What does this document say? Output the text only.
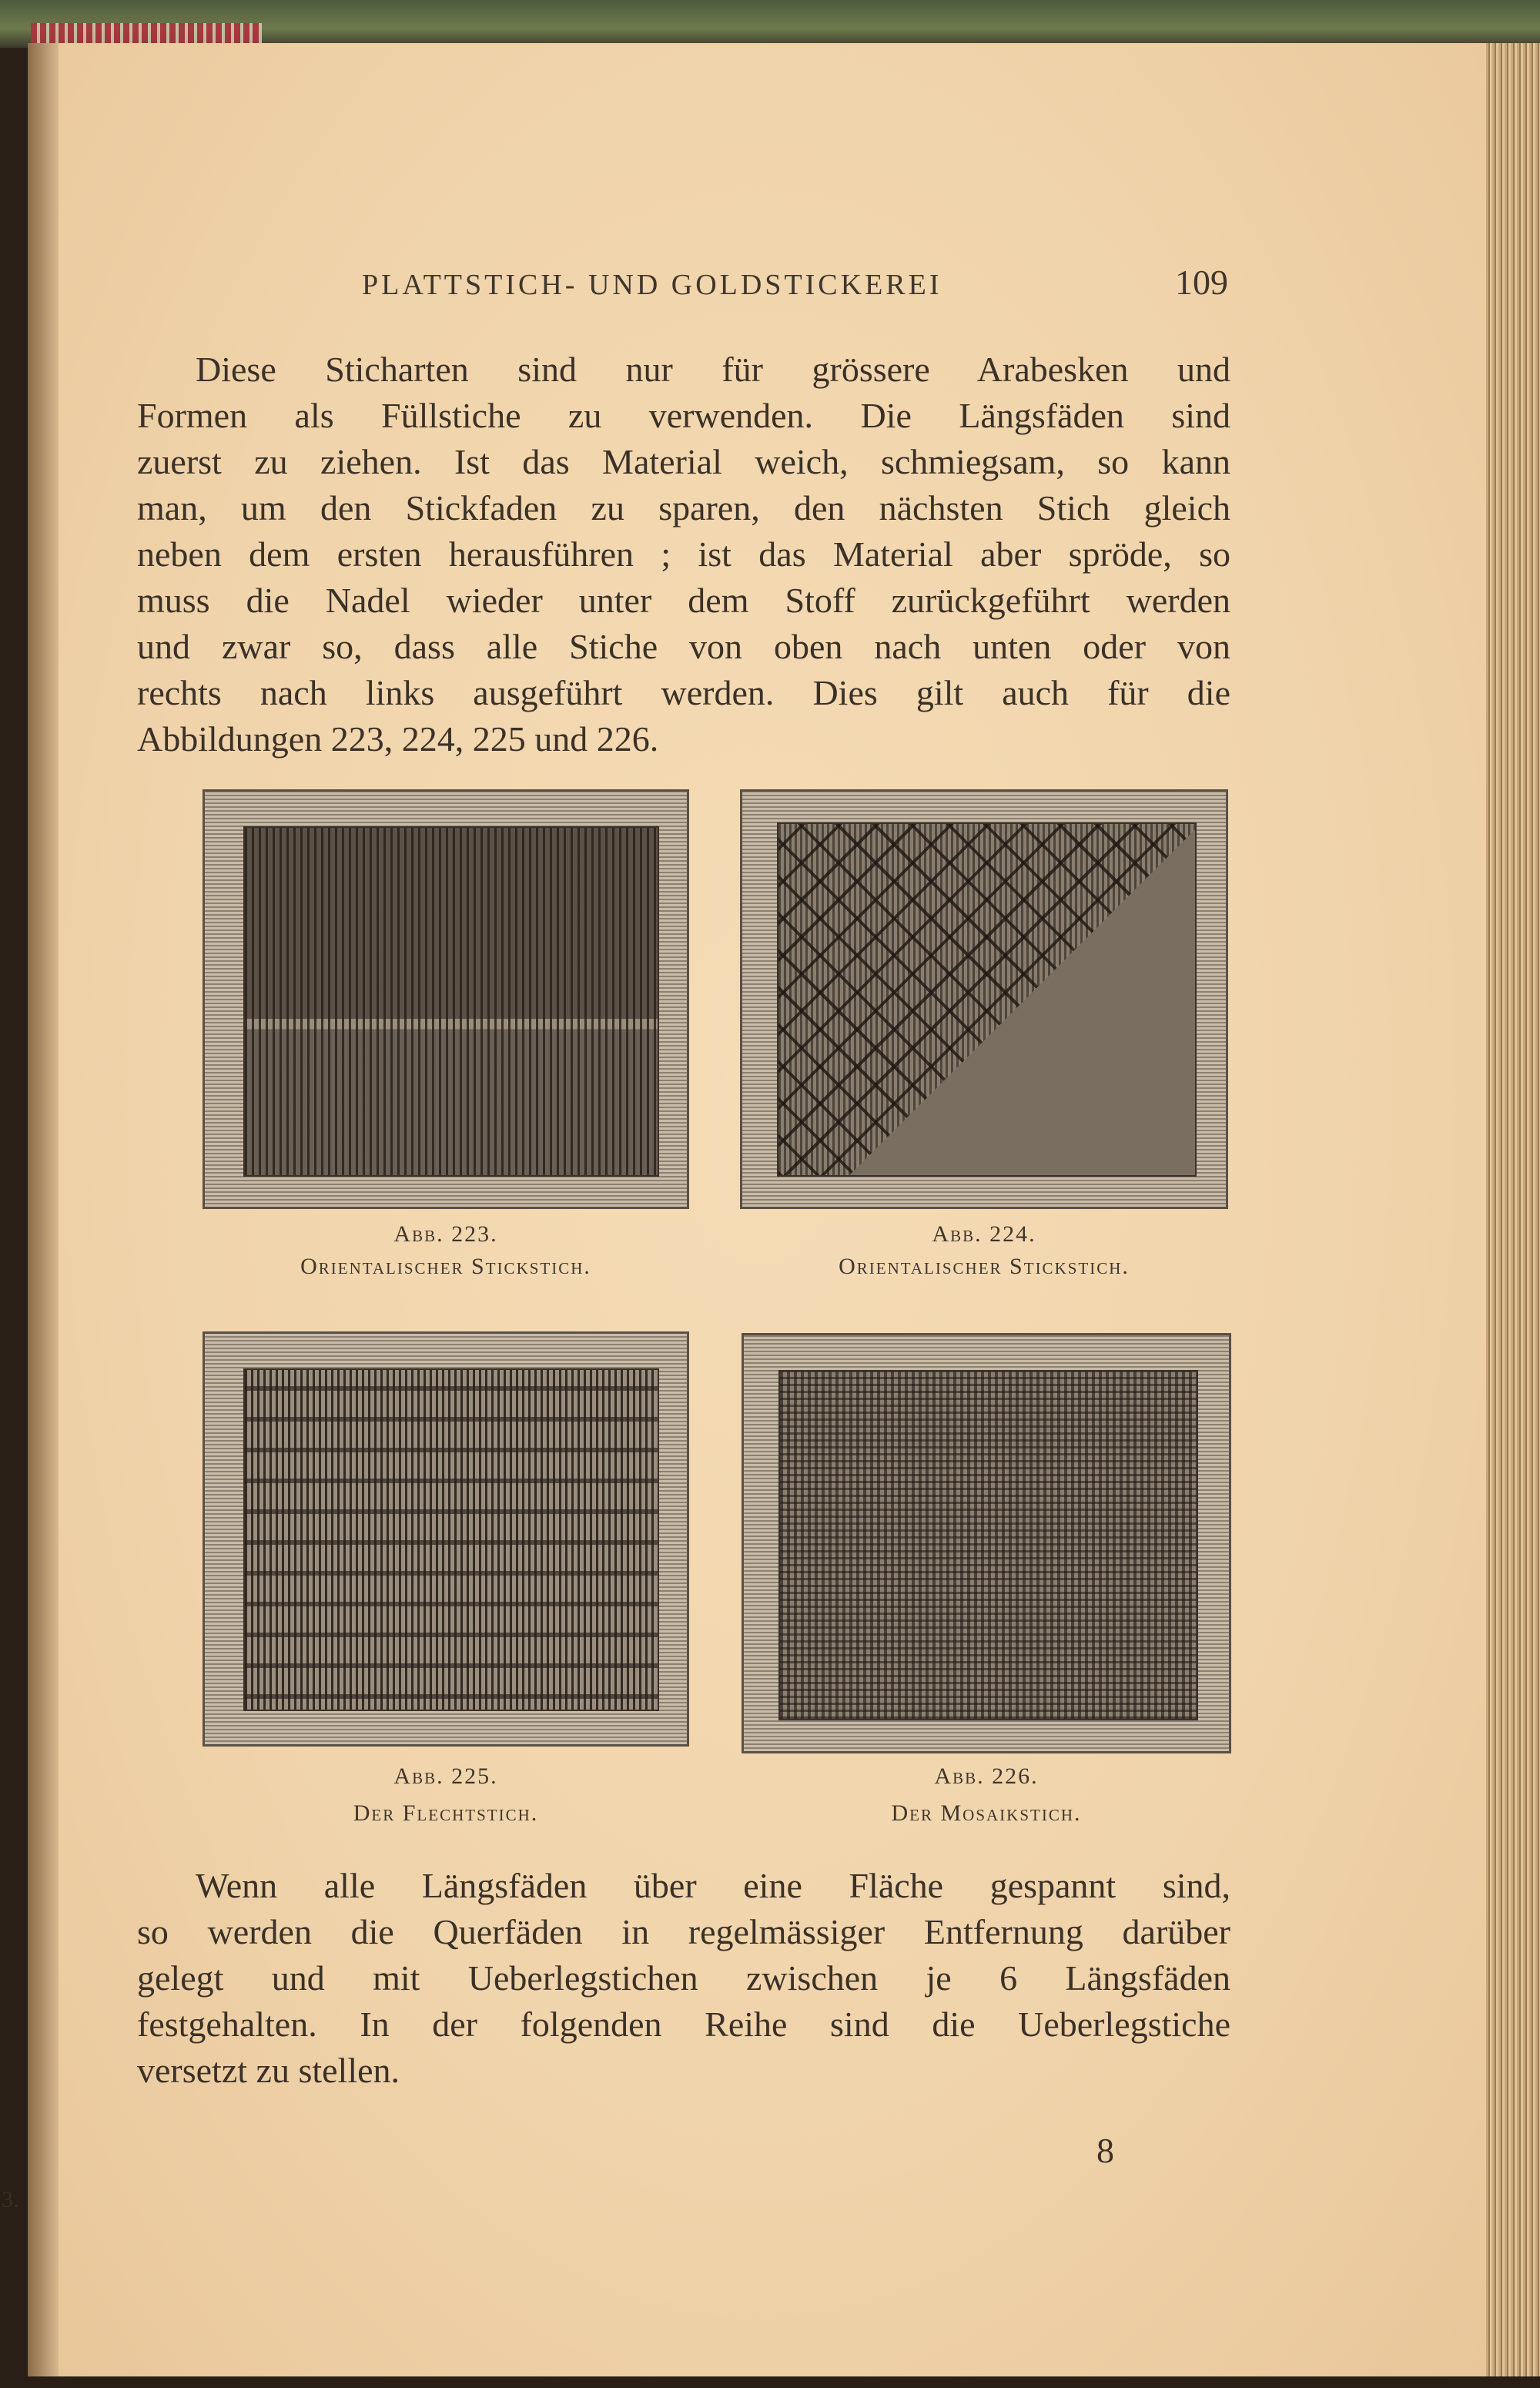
PLATTSTICH- UND GOLDSTICKEREI	109
Diese Sticharten sind nur für grössere Arabesken und
Formen als Füllstiche zu verwenden. Die Längsfäden sind
zuerst zu ziehen. Ist das Material weich, schmiegsam, so kann
man, um den Stickfaden zu sparen, den nächsten Stich gleich
neben dem ersten herausführen ; ist das Material aber spröde, so
muss die Nadel wieder unter dem Stoff zurückgeführt werden
und zwar so, dass alle Stiche von oben nach unten oder von
rechts nach links ausgeführt werden. Dies gilt auch für die
Abbildungen 223, 224, 225 und 226.
Abb. 223.
Orientalischer Stickstich.
Abb. 224.
Orientalischer Stickstich.
Abb. 225.
Der Flechtstich.
Abb. 226.
Der Mosaikstich.
Wenn alle Längsfäden über eine Fläche gespannt sind,
so werden die Querfäden in regelmässiger Entfernung darüber
gelegt und mit Ueberlegstichen zwischen je 6 Längsfäden
festgehalten. In der folgenden Reihe sind die Ueberlegstiche
versetzt zu stellen.
8
3.
